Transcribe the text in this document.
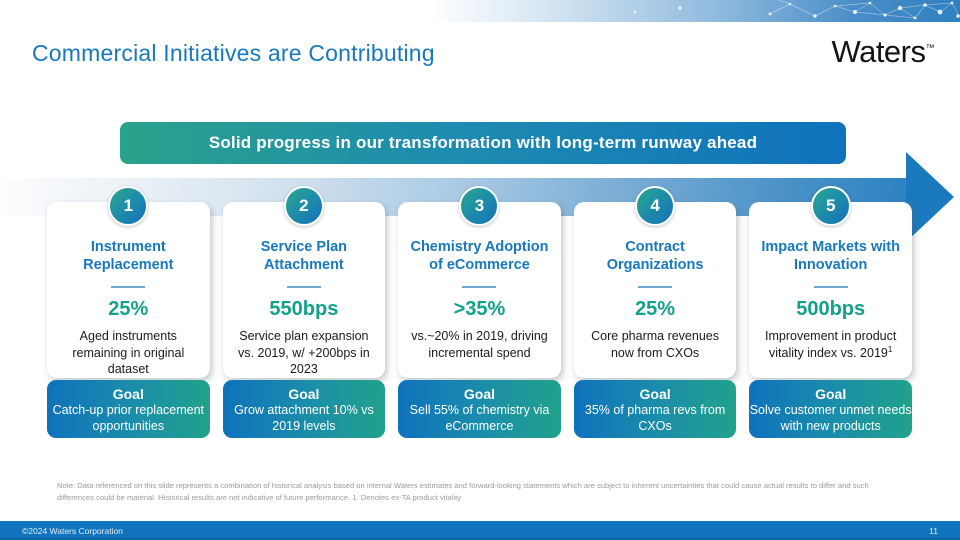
Commercial Initiatives are Contributing	Waters™
Solid progress in our transformation with long-term runway ahead
1
Instrument Replacement
25%
Aged instruments remaining in original dataset
2
Service Plan Attachment
550bps
Service plan expansion vs. 2019, w/ +200bps in 2023
3
Chemistry Adoption of eCommerce
>35%
vs.~20% in 2019, driving incremental spend
4
Contract Organizations
25%
Core pharma revenues now from CXOs
5
Impact Markets with Innovation
500bps
Improvement in product vitality index vs. 2019$^1$
Goal
Catch-up prior replacement opportunities
Goal
Grow attachment 10% vs 2019 levels
Goal
Sell 55% of chemistry via eCommerce
Goal
35% of pharma revs from CXOs
Goal
Solve customer unmet needs with new products
Note: Data referenced on this slide represents a combination of historical analysis based on internal Waters estimates and forward-looking statements which are subject to inherent uncertainties that could cause actual results to differ and such differences could be material. Historical results are not indicative of future performance. 1. Denotes ex-TA product vitality
©2024 Waters Corporation	11
